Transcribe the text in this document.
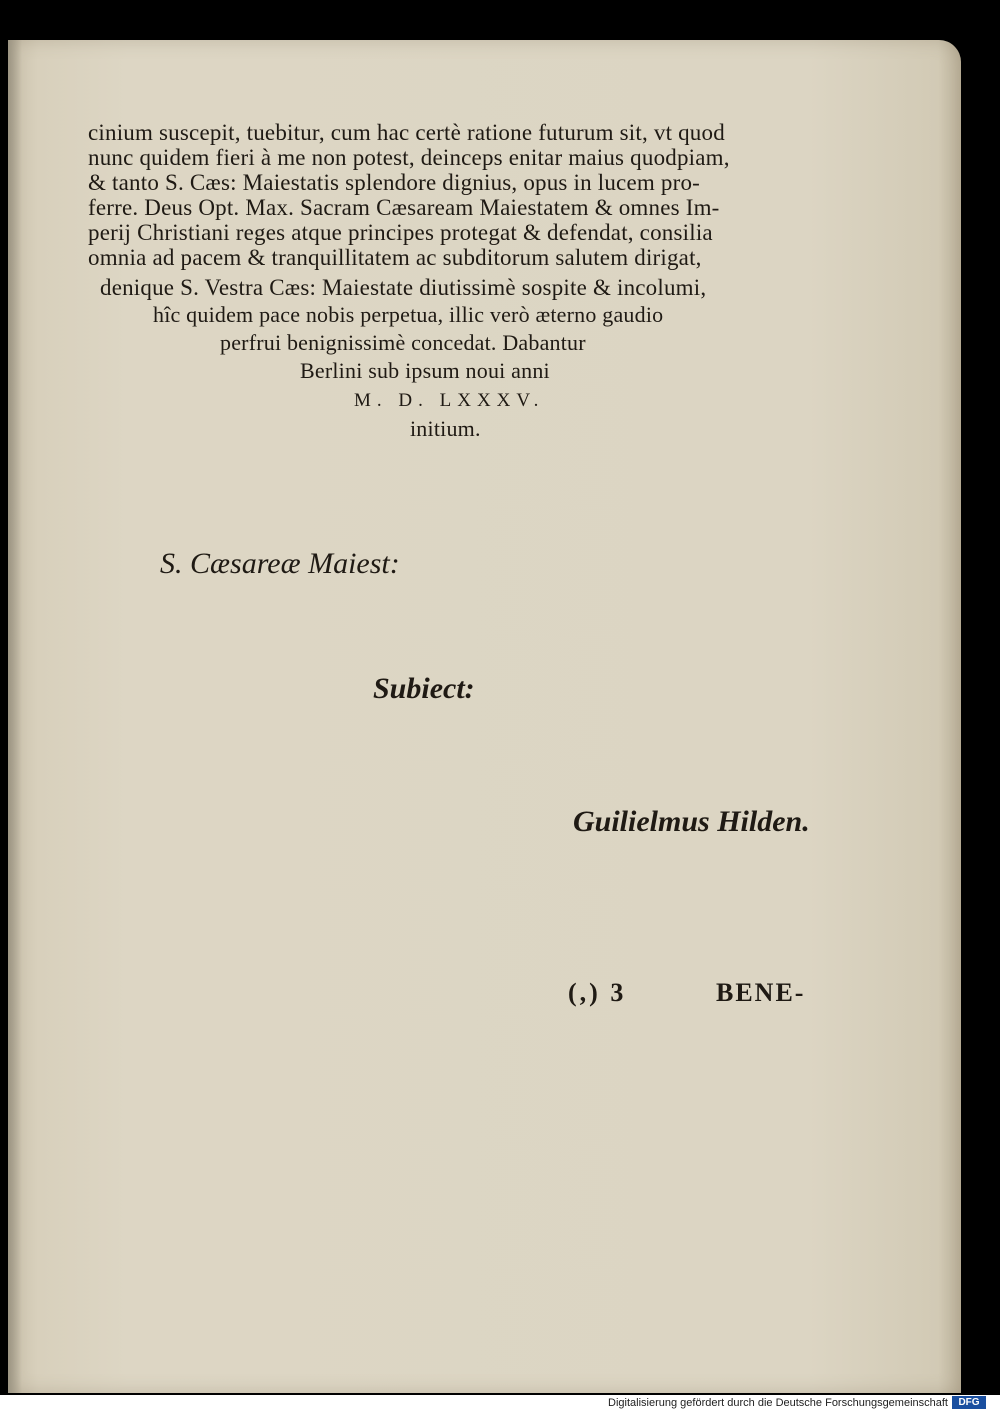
cinium suscepit, tuebitur, cum hac certè ratione futurum sit, vt quod
nunc quidem fieri à me non potest, deinceps enitar maius quodpiam,
& tanto S. Cæs: Maiestatis splendore dignius, opus in lucem pro-
ferre. Deus Opt. Max. Sacram Cæsaream Maiestatem & omnes Im-
perij Christiani reges atque principes protegat & defendat, consilia
omnia ad pacem & tranquillitatem ac subditorum salutem dirigat,
denique S. Vestra Cæs: Maiestate diutissimè sospite & incolumi,
hîc quidem pace nobis perpetua, illic verò æterno gaudio
perfrui benignissimè concedat. Dabantur
Berlini sub ipsum noui anni
M. D. LXXXV.
initium.
S. Cæsareæ Maiest:
Subiect:
Guilielmus Hilden.
(,) 3	BENE-
Digitalisierung gefördert durch die Deutsche Forschungsgemeinschaft	DFG
